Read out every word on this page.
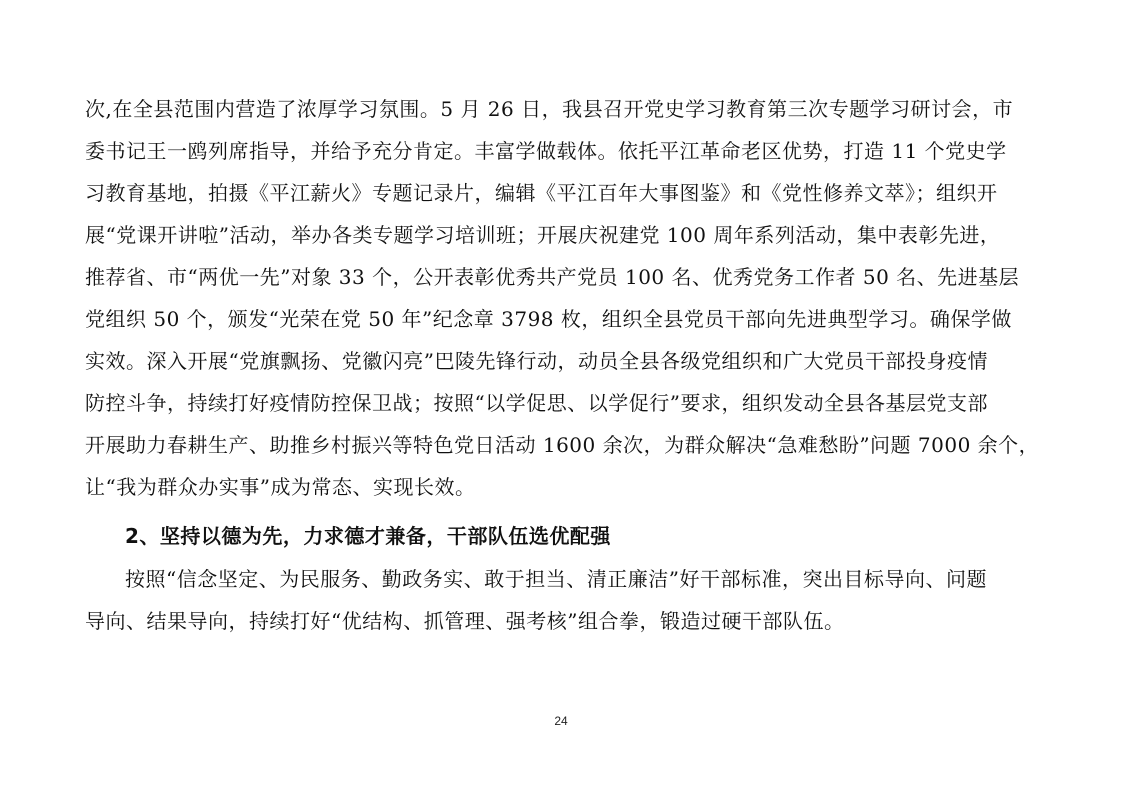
次,在全县范围内营造了浓厚学习氛围。5 月 26 日，我县召开党史学习教育第三次专题学习研讨会，市
委书记王一鸥列席指导，并给予充分肯定。丰富学做载体。依托平江革命老区优势，打造 11 个党史学
习教育基地，拍摄《平江薪火》专题记录片，编辑《平江百年大事图鉴》和《党性修养文萃》；组织开
展“党课开讲啦”活动，举办各类专题学习培训班；开展庆祝建党 100 周年系列活动，集中表彰先进，
推荐省、市“两优一先”对象 33 个，公开表彰优秀共产党员 100 名、优秀党务工作者 50 名、先进基层
党组织 50 个，颁发“光荣在党 50 年”纪念章 3798 枚，组织全县党员干部向先进典型学习。确保学做
实效。深入开展“党旗飘扬、党徽闪亮”巴陵先锋行动，动员全县各级党组织和广大党员干部投身疫情
防控斗争，持续打好疫情防控保卫战；按照“以学促思、以学促行”要求，组织发动全县各基层党支部
开展助力春耕生产、助推乡村振兴等特色党日活动 1600 余次，为群众解决“急难愁盼”问题 7000 余个，
让“我为群众办实事”成为常态、实现长效。
2、坚持以德为先，力求德才兼备，干部队伍选优配强
按照“信念坚定、为民服务、勤政务实、敢于担当、清正廉洁”好干部标准，突出目标导向、问题
导向、结果导向，持续打好“优结构、抓管理、强考核”组合拳，锻造过硬干部队伍。
24
